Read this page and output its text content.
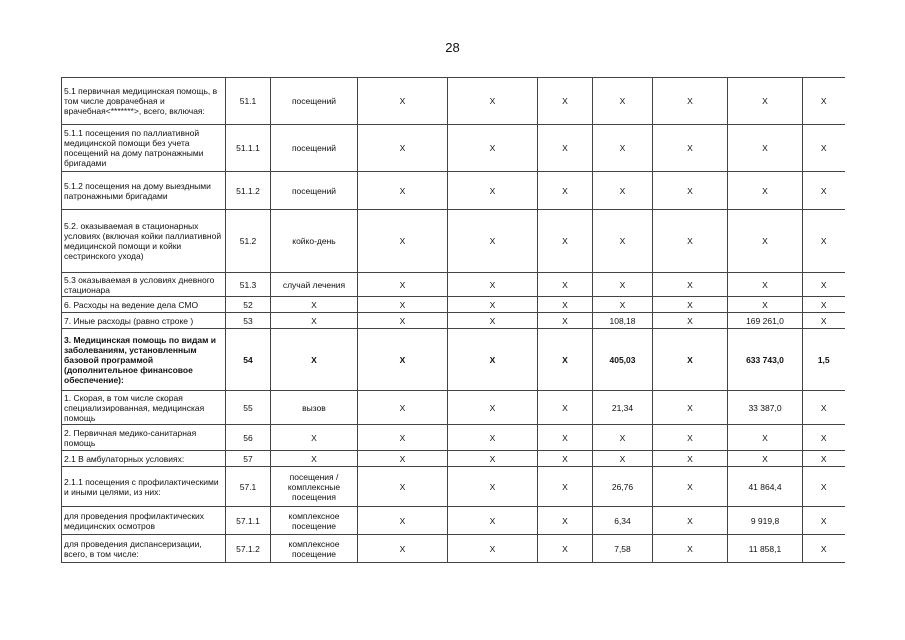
28
5.1 первичная медицинская помощь, в том числе доврачебная и врачебная<*******>, всего, включая:	51.1	посещений	X	X	X	X	X	X	X
5.1.1 посещения по паллиативной медицинской помощи без учета посещений на дому патронажными бригадами	51.1.1	посещений	X	X	X	X	X	X	X
5.1.2 посещения на дому выездными патронажными бригадами	51.1.2	посещений	X	X	X	X	X	X	X
5.2. оказываемая в стационарных условиях (включая койки паллиативной медицинской помощи и койки сестринского ухода)	51.2	койко-день	X	X	X	X	X	X	X
5.3 оказываемая в условиях дневного стационара	51.3	случай лечения	X	X	X	X	X	X	X
6. Расходы на ведение дела СМО	52	X	X	X	X	X	X	X	X
7. Иные расходы (равно строке )	53	X	X	X	X	108,18	X	169 261,0	X
3. Медицинская помощь по видам и заболеваниям, установленным базовой программой (дополнительное финансовое обеспечение):	54	X	X	X	X	405,03	X	633 743,0	1,5
1. Скорая, в том числе скорая специализированная, медицинская помощь	55	вызов	X	X	X	21,34	X	33 387,0	X
2. Первичная медико-санитарная помощь	56	X	X	X	X	X	X	X	X
2.1 В амбулаторных условиях:	57	X	X	X	X	X	X	X	X
2.1.1 посещения с профилактическими и иными целями, из них:	57.1	посещения / комплексные посещения	X	X	X	26,76	X	41 864,4	X
для проведения профилактических медицинских осмотров	57.1.1	комплексное посещение	X	X	X	6,34	X	9 919,8	X
для проведения диспансеризации, всего, в том числе:	57.1.2	комплексное посещение	X	X	X	7,58	X	11 858,1	X
